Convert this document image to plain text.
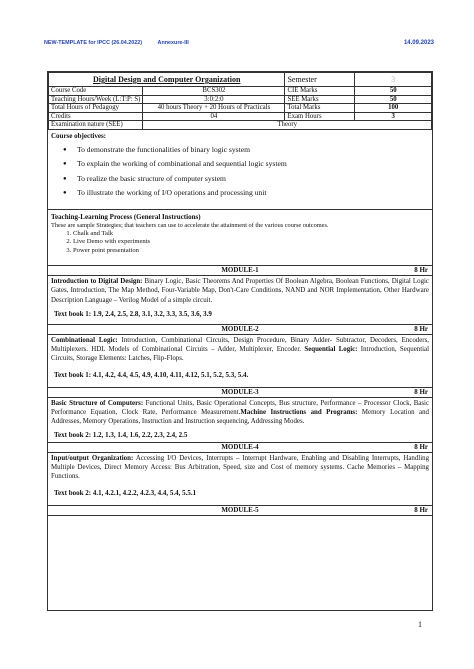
NEW-TEMPLATE for IPCC (26.04.2022)	Annexure-III	14.09.2023
Digital Design and Computer Organization		Semester	3
Course Code	BCS302	CIE Marks	50
Teaching Hours/Week (L:T:P: S)	3:0:2:0	SEE Marks	50
Total Hours of Pedagogy	40 hours Theory + 20 Hours of Practicals	Total Marks	100
Credits	04	Exam Hours	3
Examination nature (SEE)	Theory		
Course objectives:
● To demonstrate the functionalities of binary logic system
● To explain the working of combinational and sequential logic system
● To realize the basic structure of computer system
● To illustrate the working of I/O operations and processing unit
Teaching-Learning Process (General Instructions)
These are sample Strategies; that teachers can use to accelerate the attainment of the various course outcomes.
1. Chalk and Talk
2. Live Demo with experiments
3. Power point presentation
MODULE-1	8 Hr
Introduction to Digital Design: Binary Logic, Basic Theorems And Properties Of Boolean Algebra, Boolean Functions, Digital Logic Gates, Introduction, The Map Method, Four-Variable Map, Don't-Care Conditions, NAND and NOR Implementation, Other Hardware Description Language – Verilog Model of a simple circuit.
Text book 1: 1.9, 2.4, 2.5, 2.8, 3.1, 3.2, 3.3, 3.5, 3.6, 3.9
MODULE-2	8 Hr
Combinational Logic: Introduction, Combinational Circuits, Design Procedure, Binary Adder- Subtractor, Decoders, Encoders, Multiplexers. HDL Models of Combinational Circuits – Adder, Multiplexer, Encoder. Sequential Logic: Introduction, Sequential Circuits, Storage Elements: Latches, Flip-Flops.
Text book 1: 4.1, 4.2, 4.4, 4.5, 4.9, 4.10, 4.11, 4.12, 5.1, 5.2, 5.3, 5.4.
MODULE-3	8 Hr
Basic Structure of Computers: Functional Units, Basic Operational Concepts, Bus structure, Performance – Processor Clock, Basic Performance Equation, Clock Rate, Performance Measurement.Machine Instructions and Programs: Memory Location and Addresses, Memory Operations, Instruction and Instruction sequencing, Addressing Modes.
Text book 2: 1.2, 1.3, 1.4, 1.6, 2.2, 2.3, 2.4, 2.5
MODULE-4	8 Hr
Input/output Organization: Accessing I/O Devices, Interrupts – Interrupt Hardware, Enabling and Disabling Interrupts, Handling Multiple Devices, Direct Memory Access: Bus Arbitration, Speed, size and Cost of memory systems. Cache Memories – Mapping Functions.
Text book 2: 4.1, 4.2.1, 4.2.2, 4.2.3, 4.4, 5.4, 5.5.1
MODULE-5	8 Hr
1
